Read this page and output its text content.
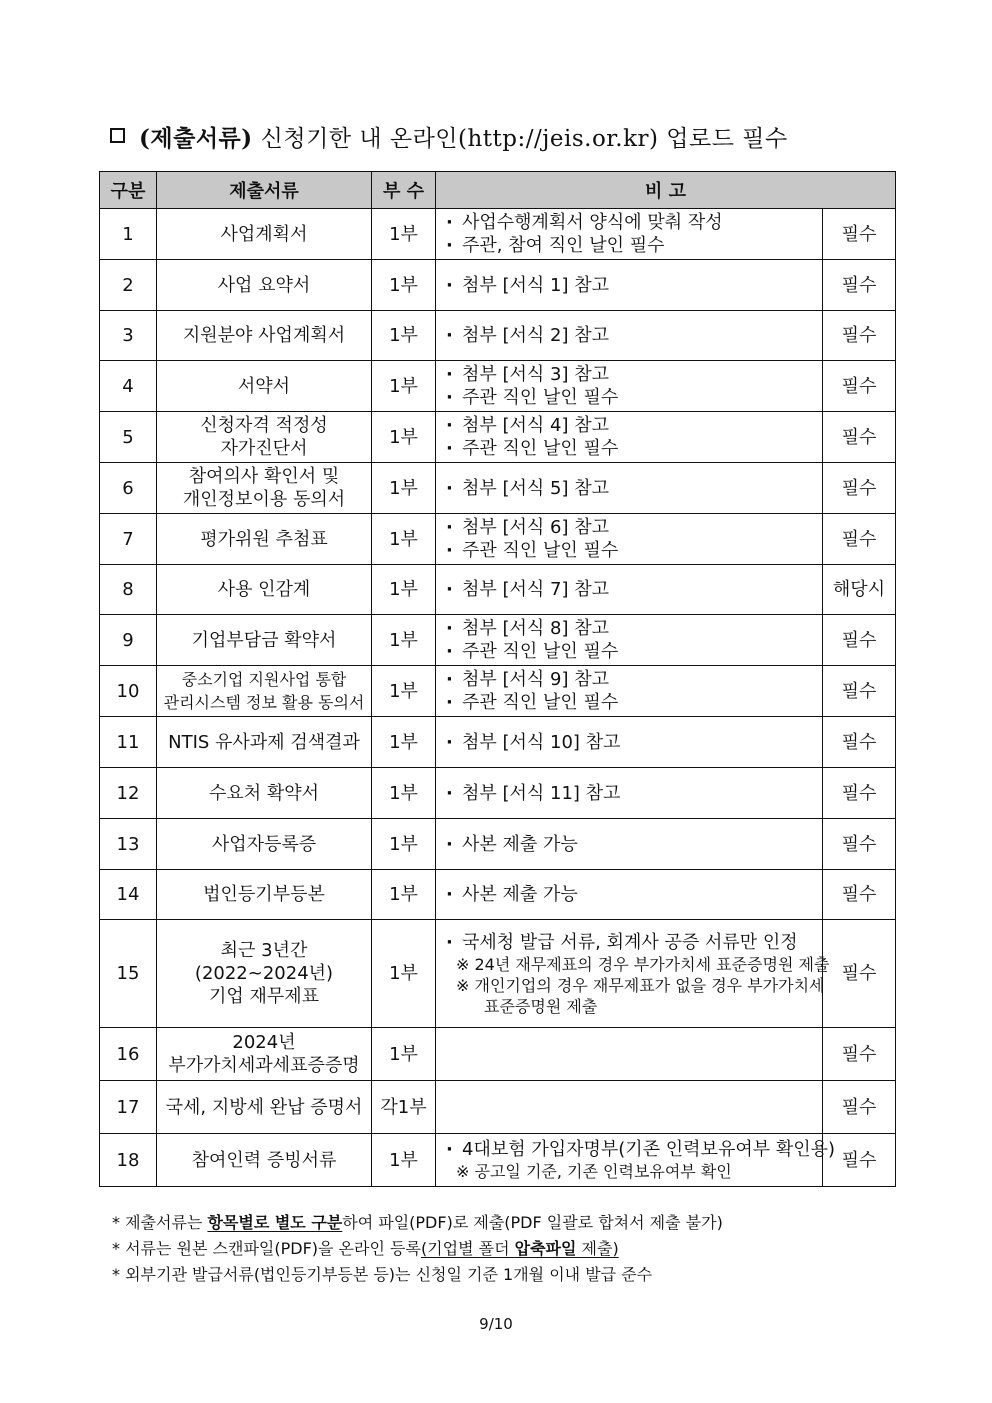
(제출서류) 신청기한 내 온라인(http://jeis.or.kr) 업로드 필수
구분	제출서류	부 수	비 고	
1	사업계획서	1부	· 사업수행계획서 양식에 맞춰 작성
· 주관, 참여 직인 날인 필수	필수
2	사업 요약서	1부	· 첨부 [서식 1] 참고	필수
3	지원분야 사업계획서	1부	· 첨부 [서식 2] 참고	필수
4	서약서	1부	· 첨부 [서식 3] 참고
· 주관 직인 날인 필수	필수
5	신청자격 적정성
자가진단서	1부	· 첨부 [서식 4] 참고
· 주관 직인 날인 필수	필수
6	참여의사 확인서 및
개인정보이용 동의서	1부	· 첨부 [서식 5] 참고	필수
7	평가위원 추첨표	1부	· 첨부 [서식 6] 참고
· 주관 직인 날인 필수	필수
8	사용 인감계	1부	· 첨부 [서식 7] 참고	해당시
9	기업부담금 확약서	1부	· 첨부 [서식 8] 참고
· 주관 직인 날인 필수	필수
10	중소기업 지원사업 통합
관리시스템 정보 활용 동의서	1부	· 첨부 [서식 9] 참고
· 주관 직인 날인 필수	필수
11	NTIS 유사과제 검색결과	1부	· 첨부 [서식 10] 참고	필수
12	수요처 확약서	1부	· 첨부 [서식 11] 참고	필수
13	사업자등록증	1부	· 사본 제출 가능	필수
14	법인등기부등본	1부	· 사본 제출 가능	필수
15	최근 3년간
(2022~2024년)
기업 재무제표	1부	· 국세청 발급 서류, 회계사 공증 서류만 인정
※ 24년 재무제표의 경우 부가가치세 표준증명원 제출
※ 개인기업의 경우 재무제표가 없을 경우 부가가치세
표준증명원 제출	필수
16	2024년
부가가치세과세표증증명	1부		필수
17	국세, 지방세 완납 증명서	각1부		필수
18	참여인력 증빙서류	1부	· 4대보험 가입자명부(기존 인력보유여부 확인용)
※ 공고일 기준, 기존 인력보유여부 확인	필수
* 제출서류는 항목별로 별도 구분하여 파일(PDF)로 제출(PDF 일괄로 합쳐서 제출 불가)
* 서류는 원본 스캔파일(PDF)을 온라인 등록(기업별 폴더 압축파일 제출)
* 외부기관 발급서류(법인등기부등본 등)는 신청일 기준 1개월 이내 발급 준수
9/10
